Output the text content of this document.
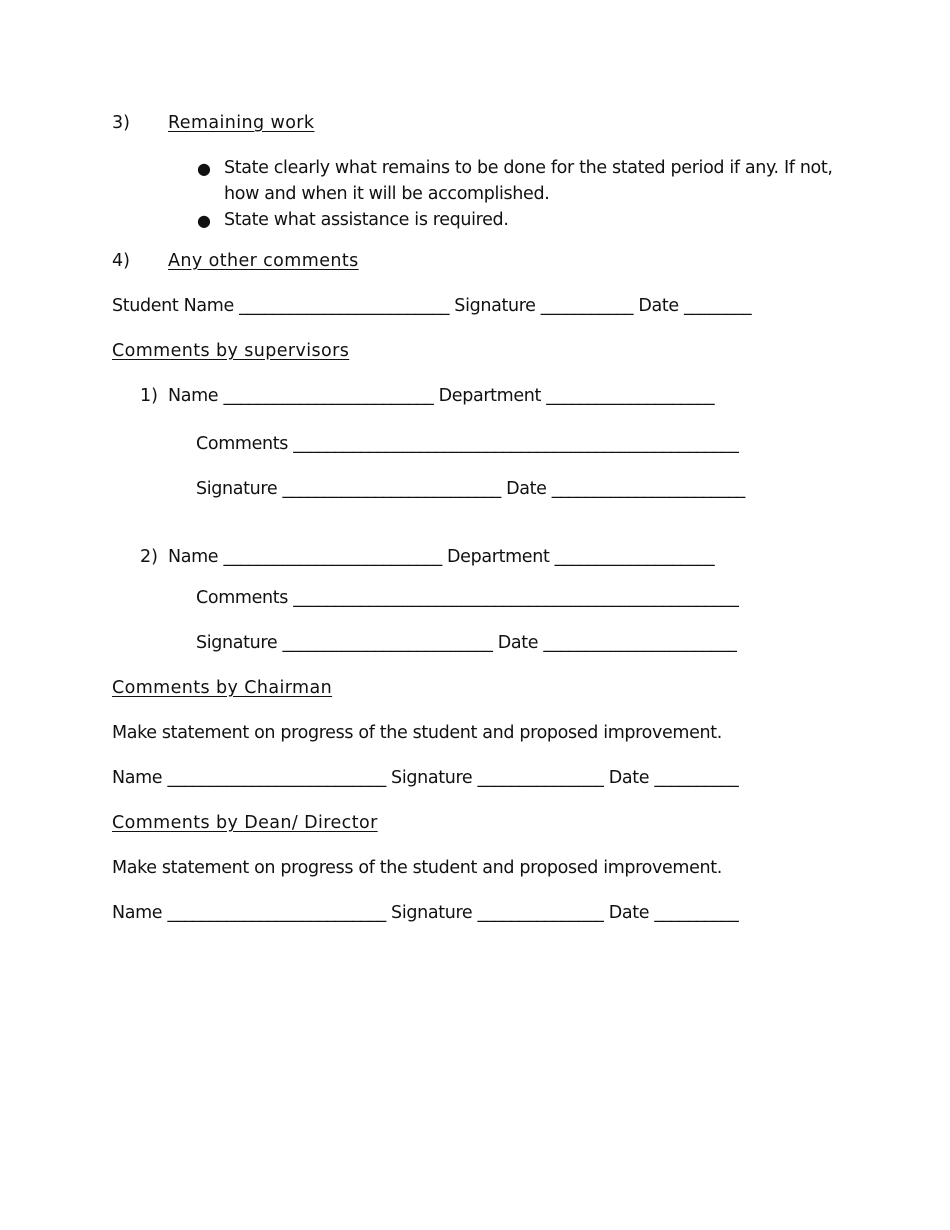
3) Remaining work
● State clearly what remains to be done for the stated period if any. If not, how and when it will be accomplished.
● State what assistance is required.
4) Any other comments
Student Name _________________________ Signature ___________ Date ________
Comments by supervisors
1) Name _________________________ Department ____________________
Comments _____________________________________________________
Signature __________________________ Date _______________________
2) Name __________________________ Department ___________________
Comments _____________________________________________________
Signature _________________________ Date _______________________
Comments by Chairman
Make statement on progress of the student and proposed improvement.
Name __________________________ Signature _______________ Date __________
Comments by Dean/ Director
Make statement on progress of the student and proposed improvement.
Name __________________________ Signature _______________ Date __________
